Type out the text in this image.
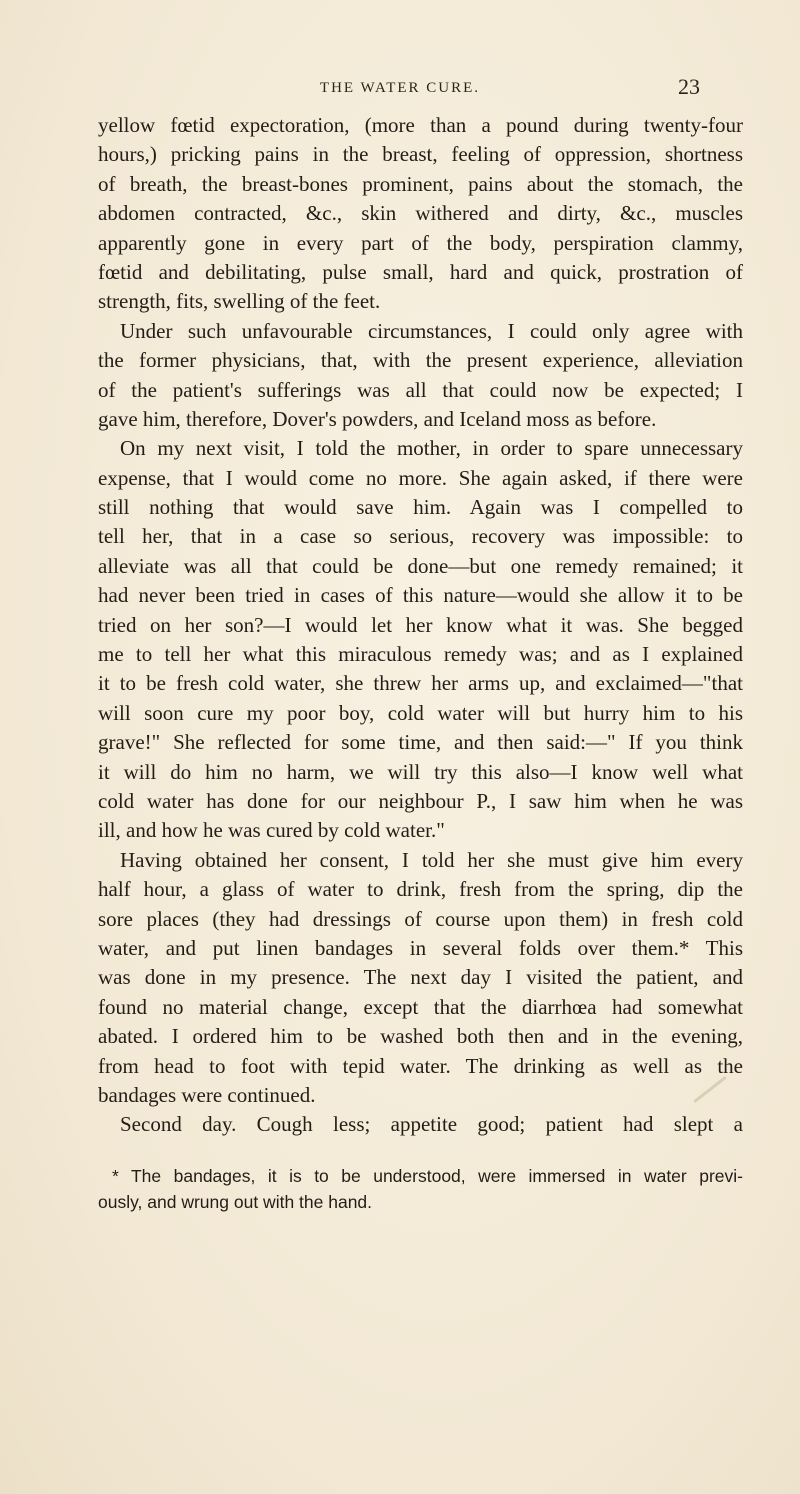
THE WATER CURE.	23
yellow fœtid expectoration, (more than a pound during twenty-four
hours,) pricking pains in the breast, feeling of oppression, shortness
of breath, the breast-bones prominent, pains about the stomach, the
abdomen contracted, &c., skin withered and dirty, &c., muscles
apparently gone in every part of the body, perspiration clammy,
fœtid and debilitating, pulse small, hard and quick, prostration of
strength, fits, swelling of the feet.
Under such unfavourable circumstances, I could only agree with
the former physicians, that, with the present experience, alleviation
of the patient's sufferings was all that could now be expected; I
gave him, therefore, Dover's powders, and Iceland moss as before.
On my next visit, I told the mother, in order to spare unnecessary
expense, that I would come no more. She again asked, if there were
still nothing that would save him. Again was I compelled to
tell her, that in a case so serious, recovery was impossible: to
alleviate was all that could be done—but one remedy remained; it
had never been tried in cases of this nature—would she allow it to be
tried on her son?—I would let her know what it was. She begged
me to tell her what this miraculous remedy was; and as I explained
it to be fresh cold water, she threw her arms up, and exclaimed—"that
will soon cure my poor boy, cold water will but hurry him to his
grave!" She reflected for some time, and then said:—" If you think
it will do him no harm, we will try this also—I know well what
cold water has done for our neighbour P., I saw him when he was
ill, and how he was cured by cold water."
Having obtained her consent, I told her she must give him every
half hour, a glass of water to drink, fresh from the spring, dip the
sore places (they had dressings of course upon them) in fresh cold
water, and put linen bandages in several folds over them.* This
was done in my presence. The next day I visited the patient, and
found no material change, except that the diarrhœa had somewhat
abated. I ordered him to be washed both then and in the evening,
from head to foot with tepid water. The drinking as well as the
bandages were continued.
Second day. Cough less; appetite good; patient had slept a
* The bandages, it is to be understood, were immersed in water previ-
ously, and wrung out with the hand.
